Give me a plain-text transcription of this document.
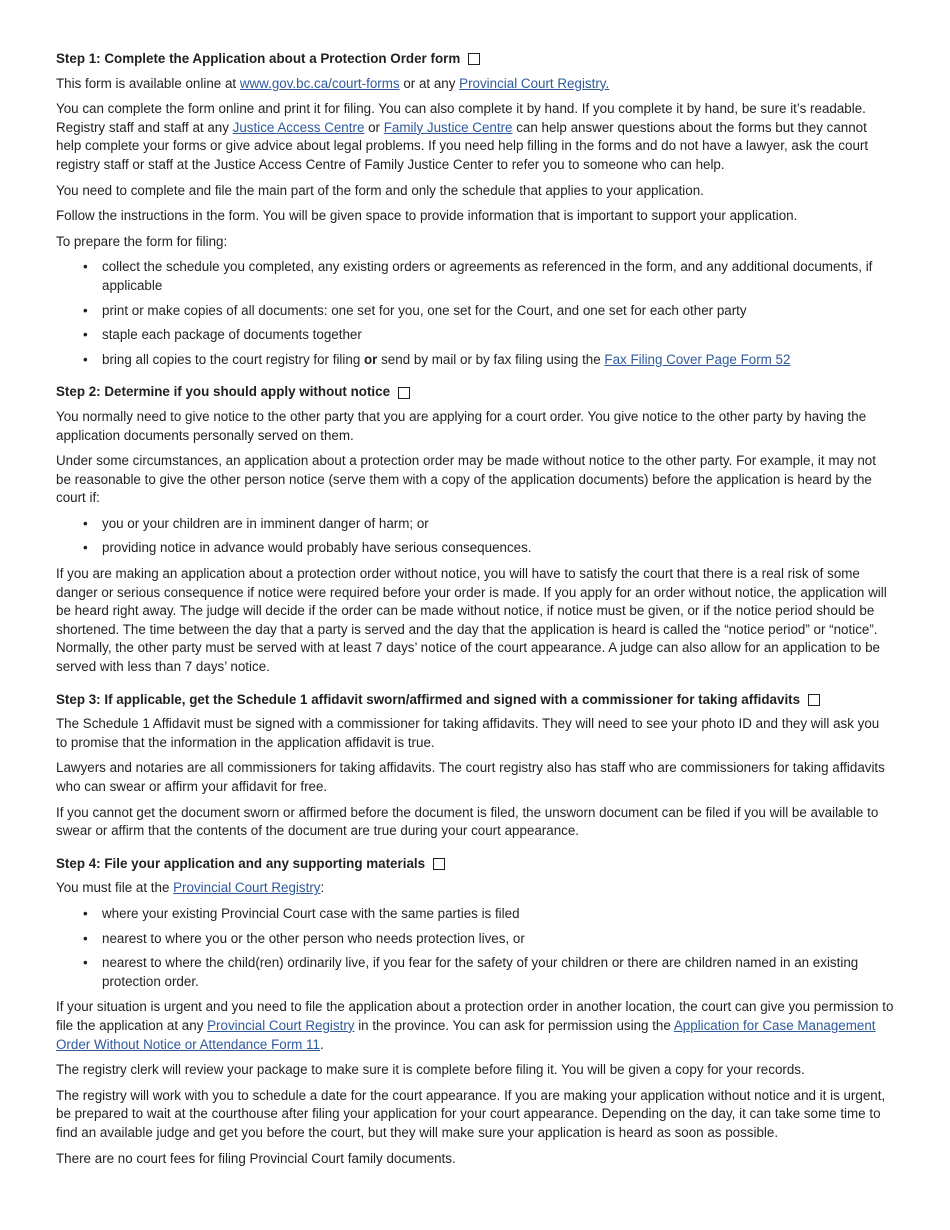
Step 1: Complete the Application about a Protection Order form

This form is available online at www.gov.bc.ca/court-forms or at any Provincial Court Registry.

You can complete the form online and print it for filing. You can also complete it by hand. If you complete it by hand, be sure it’s readable. Registry staff and staff at any Justice Access Centre or Family Justice Centre can help answer questions about the forms but they cannot help complete your forms or give advice about legal problems. If you need help filling in the forms and do not have a lawyer, ask the court registry staff or staff at the Justice Access Centre of Family Justice Center to refer you to someone who can help.

You need to complete and file the main part of the form and only the schedule that applies to your application.

Follow the instructions in the form. You will be given space to provide information that is important to support your application.

To prepare the form for filing:

• collect the schedule you completed, any existing orders or agreements as referenced in the form, and any additional documents, if applicable
• print or make copies of all documents: one set for you, one set for the Court, and one set for each other party
• staple each package of documents together
• bring all copies to the court registry for filing or send by mail or by fax filing using the Fax Filing Cover Page Form 52
Step 2: Determine if you should apply without notice

You normally need to give notice to the other party that you are applying for a court order. You give notice to the other party by having the application documents personally served on them.

Under some circumstances, an application about a protection order may be made without notice to the other party. For example, it may not be reasonable to give the other person notice (serve them with a copy of the application documents) before the application is heard by the court if:

• you or your children are in imminent danger of harm; or
• providing notice in advance would probably have serious consequences.

If you are making an application about a protection order without notice, you will have to satisfy the court that there is a real risk of some danger or serious consequence if notice were required before your order is made. If you apply for an order without notice, the application will be heard right away. The judge will decide if the order can be made without notice, if notice must be given, or if the notice period should be shortened. The time between the day that a party is served and the day that the application is heard is called the “notice period” or “notice”. Normally, the other party must be served with at least 7 days’ notice of the court appearance. A judge can also allow for an application to be served with less than 7 days’ notice.

Step 3: If applicable, get the Schedule 1 affidavit sworn/affirmed and signed with a commissioner for taking affidavits

The Schedule 1 Affidavit must be signed with a commissioner for taking affidavits. They will need to see your photo ID and they will ask you to promise that the information in the application affidavit is true.

Lawyers and notaries are all commissioners for taking affidavits. The court registry also has staff who are commissioners for taking affidavits who can swear or affirm your affidavit for free.

If you cannot get the document sworn or affirmed before the document is filed, the unsworn document can be filed if you will be available to swear or affirm that the contents of the document are true during your court appearance.

Step 4: File your application and any supporting materials

You must file at the Provincial Court Registry:

• where your existing Provincial Court case with the same parties is filed
• nearest to where you or the other person who needs protection lives, or
• nearest to where the child(ren) ordinarily live, if you fear for the safety of your children or there are children named in an existing protection order.

If your situation is urgent and you need to file the application about a protection order in another location, the court can give you permission to file the application at any Provincial Court Registry in the province. You can ask for permission using the Application for Case Management Order Without Notice or Attendance Form 11.

The registry clerk will review your package to make sure it is complete before filing it. You will be given a copy for your records.

The registry will work with you to schedule a date for the court appearance. If you are making your application without notice and it is urgent, be prepared to wait at the courthouse after filing your application for your court appearance. Depending on the day, it can take some time to find an available judge and get you before the court, but they will make sure your application is heard as soon as possible.

There are no court fees for filing Provincial Court family documents.
